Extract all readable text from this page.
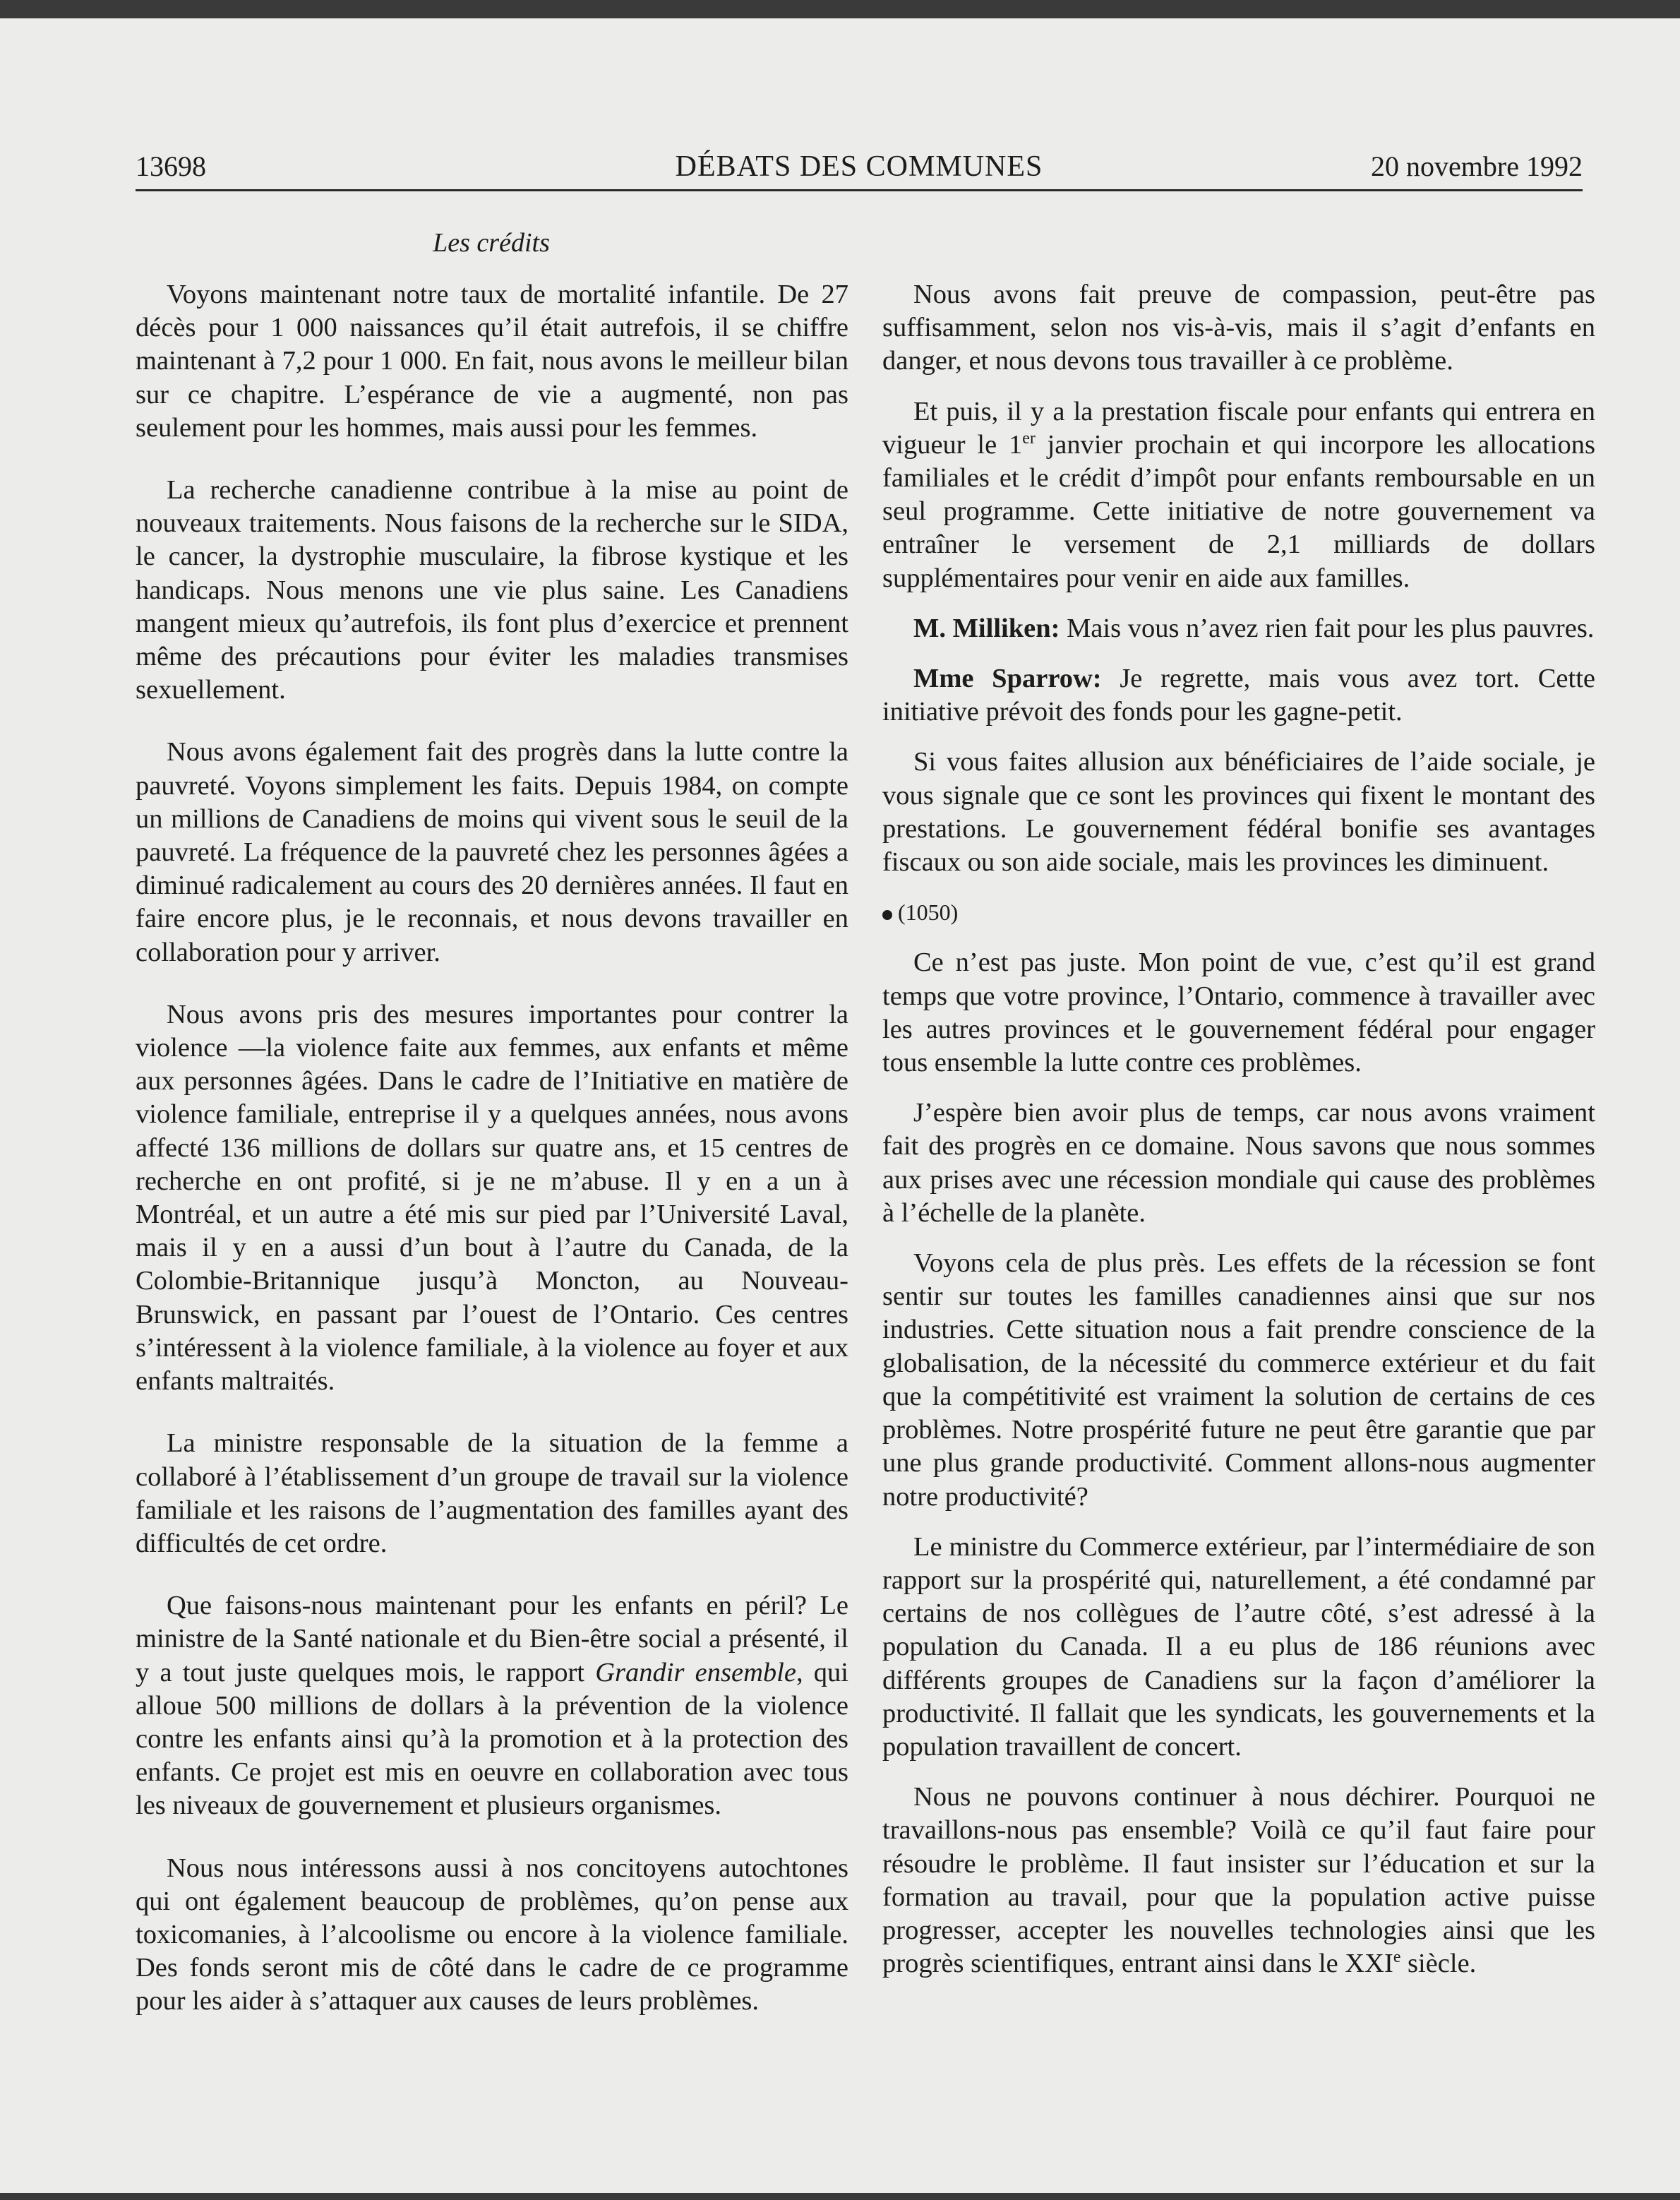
13698	DÉBATS DES COMMUNES	20 novembre 1992
Les crédits

Voyons maintenant notre taux de mortalité infantile. De 27 décès pour 1 000 naissances qu’il était autrefois, il se chiffre maintenant à 7,2 pour 1 000. En fait, nous avons le meilleur bilan sur ce chapitre. L’espérance de vie a augmenté, non pas seulement pour les hommes, mais aussi pour les femmes.

La recherche canadienne contribue à la mise au point de nouveaux traitements. Nous faisons de la recherche sur le SIDA, le cancer, la dystrophie musculaire, la fibrose kystique et les handicaps. Nous menons une vie plus saine. Les Canadiens mangent mieux qu’autrefois, ils font plus d’exercice et prennent même des précautions pour éviter les maladies transmises sexuellement.

Nous avons également fait des progrès dans la lutte contre la pauvreté. Voyons simplement les faits. Depuis 1984, on compte un millions de Canadiens de moins qui vivent sous le seuil de la pauvreté. La fréquence de la pauvreté chez les personnes âgées a diminué radicalement au cours des 20 dernières années. Il faut en faire encore plus, je le reconnais, et nous devons travailler en collaboration pour y arriver.

Nous avons pris des mesures importantes pour contrer la violence —la violence faite aux femmes, aux enfants et même aux personnes âgées. Dans le cadre de l’Initiative en matière de violence familiale, entreprise il y a quelques années, nous avons affecté 136 millions de dollars sur quatre ans, et 15 centres de recherche en ont profité, si je ne m’abuse. Il y en a un à Montréal, et un autre a été mis sur pied par l’Université Laval, mais il y en a aussi d’un bout à l’autre du Canada, de la Colombie-Britannique jusqu’à Moncton, au Nouveau-Brunswick, en passant par l’ouest de l’Ontario. Ces centres s’intéressent à la violence familiale, à la violence au foyer et aux enfants maltraités.

La ministre responsable de la situation de la femme a collaboré à l’établissement d’un groupe de travail sur la violence familiale et les raisons de l’augmentation des familles ayant des difficultés de cet ordre.

Que faisons-nous maintenant pour les enfants en péril? Le ministre de la Santé nationale et du Bien-être social a présenté, il y a tout juste quelques mois, le rapport Grandir ensemble, qui alloue 500 millions de dollars à la prévention de la violence contre les enfants ainsi qu’à la promotion et à la protection des enfants. Ce projet est mis en oeuvre en collaboration avec tous les niveaux de gouvernement et plusieurs organismes.

Nous nous intéressons aussi à nos concitoyens autochtones qui ont également beaucoup de problèmes, qu’on pense aux toxicomanies, à l’alcoolisme ou encore à la violence familiale. Des fonds seront mis de côté dans le cadre de ce programme pour les aider à s’attaquer aux causes de leurs problèmes.

Nous avons fait preuve de compassion, peut-être pas suffisamment, selon nos vis-à-vis, mais il s’agit d’enfants en danger, et nous devons tous travailler à ce problème.

Et puis, il y a la prestation fiscale pour enfants qui entrera en vigueur le 1er janvier prochain et qui incorpore les allocations familiales et le crédit d’impôt pour enfants remboursable en un seul programme. Cette initiative de notre gouvernement va entraîner le versement de 2,1 milliards de dollars supplémentaires pour venir en aide aux familles.

M. Milliken: Mais vous n’avez rien fait pour les plus pauvres.

Mme Sparrow: Je regrette, mais vous avez tort. Cette initiative prévoit des fonds pour les gagne-petit.

Si vous faites allusion aux bénéficiaires de l’aide sociale, je vous signale que ce sont les provinces qui fixent le montant des prestations. Le gouvernement fédéral bonifie ses avantages fiscaux ou son aide sociale, mais les provinces les diminuent.

(1050)

Ce n’est pas juste. Mon point de vue, c’est qu’il est grand temps que votre province, l’Ontario, commence à travailler avec les autres provinces et le gouvernement fédéral pour engager tous ensemble la lutte contre ces problèmes.

J’espère bien avoir plus de temps, car nous avons vraiment fait des progrès en ce domaine. Nous savons que nous sommes aux prises avec une récession mondiale qui cause des problèmes à l’échelle de la planète.

Voyons cela de plus près. Les effets de la récession se font sentir sur toutes les familles canadiennes ainsi que sur nos industries. Cette situation nous a fait prendre conscience de la globalisation, de la nécessité du commerce extérieur et du fait que la compétitivité est vraiment la solution de certains de ces problèmes. Notre prospérité future ne peut être garantie que par une plus grande productivité. Comment allons-nous augmenter notre productivité?

Le ministre du Commerce extérieur, par l’intermédiaire de son rapport sur la prospérité qui, naturellement, a été condamné par certains de nos collègues de l’autre côté, s’est adressé à la population du Canada. Il a eu plus de 186 réunions avec différents groupes de Canadiens sur la façon d’améliorer la productivité. Il fallait que les syndicats, les gouvernements et la population travaillent de concert.

Nous ne pouvons continuer à nous déchirer. Pourquoi ne travaillons-nous pas ensemble? Voilà ce qu’il faut faire pour résoudre le problème. Il faut insister sur l’éducation et sur la formation au travail, pour que la population active puisse progresser, accepter les nouvelles technologies ainsi que les progrès scientifiques, entrant ainsi dans le XXIe siècle.
